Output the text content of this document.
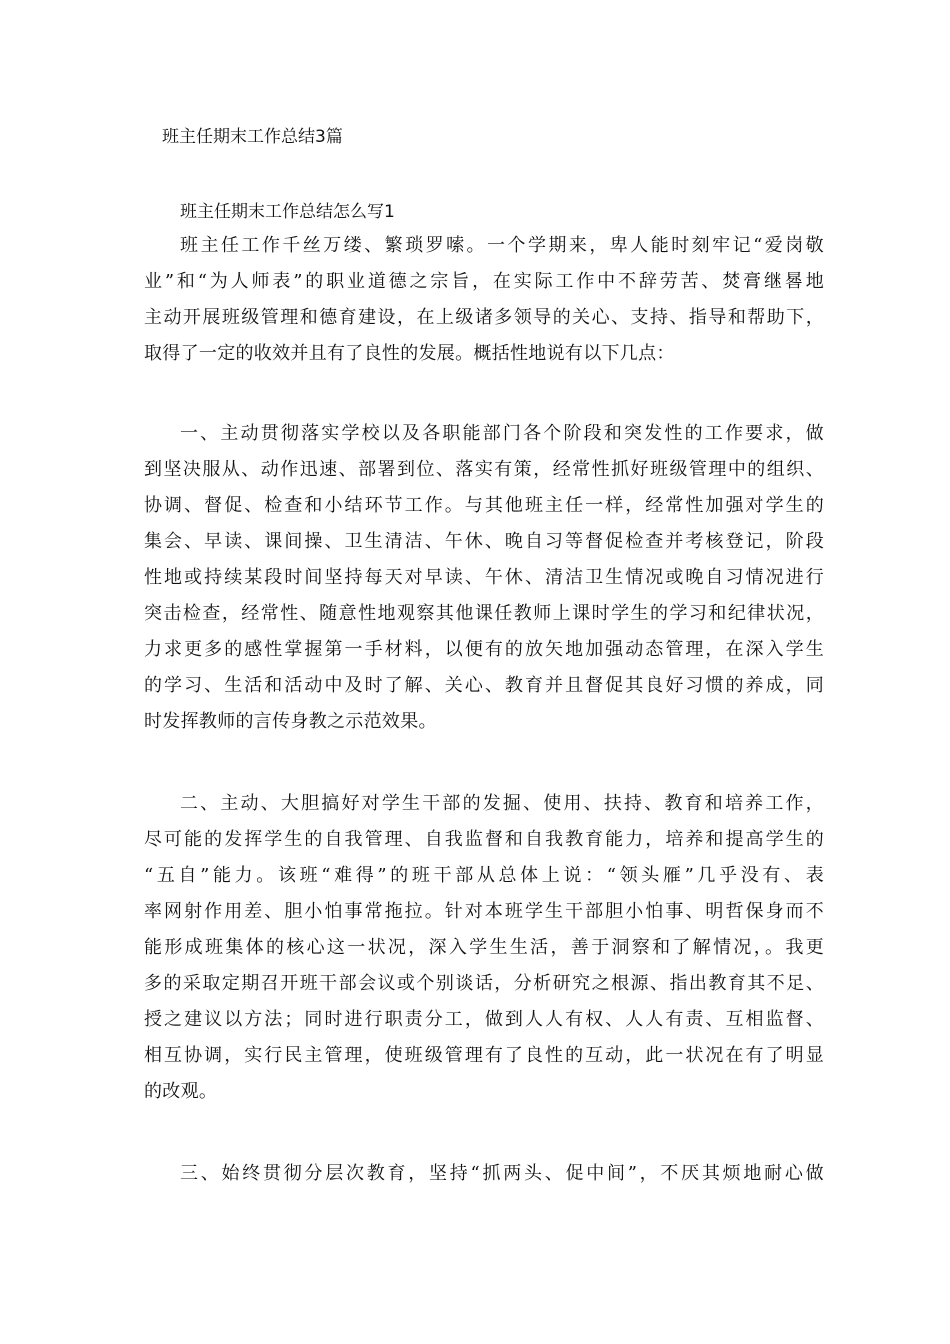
班主任期末工作总结3篇
班主任期末工作总结怎么写1
班主任工作千丝万缕、繁琐罗嗦。一个学期来，卑人能时刻牢记“爱岗敬
业”和“为人师表”的职业道德之宗旨，在实际工作中不辞劳苦、焚膏继晷地
主动开展班级管理和德育建设，在上级诸多领导的关心、支持、指导和帮助下，
取得了一定的收效并且有了良性的发展。概括性地说有以下几点：
一、主动贯彻落实学校以及各职能部门各个阶段和突发性的工作要求，做
到坚决服从、动作迅速、部署到位、落实有策，经常性抓好班级管理中的组织、
协调、督促、检查和小结环节工作。与其他班主任一样，经常性加强对学生的
集会、早读、课间操、卫生清洁、午休、晚自习等督促检查并考核登记，阶段
性地或持续某段时间坚持每天对早读、午休、清洁卫生情况或晚自习情况进行
突击检查，经常性、随意性地观察其他课任教师上课时学生的学习和纪律状况，
力求更多的感性掌握第一手材料，以便有的放矢地加强动态管理，在深入学生
的学习、生活和活动中及时了解、关心、教育并且督促其良好习惯的养成，同
时发挥教师的言传身教之示范效果。
二、主动、大胆搞好对学生干部的发掘、使用、扶持、教育和培养工作，
尽可能的发挥学生的自我管理、自我监督和自我教育能力，培养和提高学生的
“五自”能力。该班“难得”的班干部从总体上说：“领头雁”几乎没有、表
率网射作用差、胆小怕事常拖拉。针对本班学生干部胆小怕事、明哲保身而不
能形成班集体的核心这一状况，深入学生生活，善于洞察和了解情况，。我更
多的采取定期召开班干部会议或个别谈话，分析研究之根源、指出教育其不足、
授之建议以方法；同时进行职责分工，做到人人有权、人人有责、互相监督、
相互协调，实行民主管理，使班级管理有了良性的互动，此一状况在有了明显
的改观。
三、始终贯彻分层次教育，坚持“抓两头、促中间”，不厌其烦地耐心做
